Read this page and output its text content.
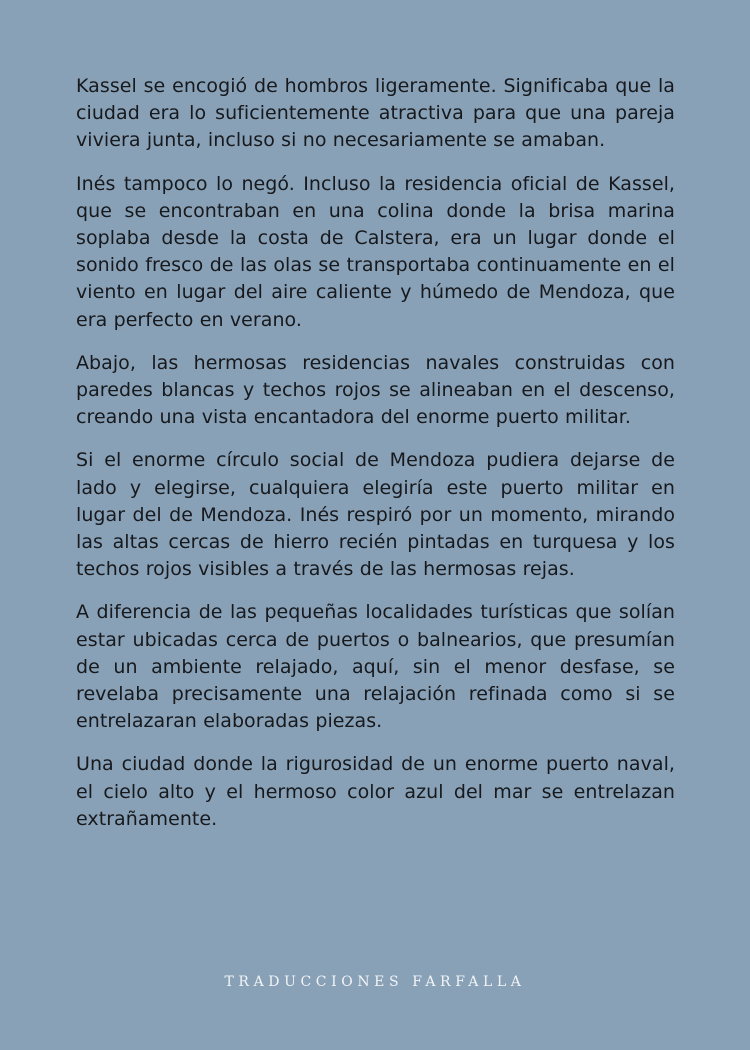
Kassel se encogió de hombros ligeramente. Significaba que la ciudad era lo suficientemente atractiva para que una pareja viviera junta, incluso si no necesariamente se amaban.

Inés tampoco lo negó. Incluso la residencia oficial de Kassel, que se encontraban en una colina donde la brisa marina soplaba desde la costa de Calstera, era un lugar donde el sonido fresco de las olas se transportaba continuamente en el viento en lugar del aire caliente y húmedo de Mendoza, que era perfecto en verano.

Abajo, las hermosas residencias navales construidas con paredes blancas y techos rojos se alineaban en el descenso, creando una vista encantadora del enorme puerto militar.

Si el enorme círculo social de Mendoza pudiera dejarse de lado y elegirse, cualquiera elegiría este puerto militar en lugar del de Mendoza. Inés respiró por un momento, mirando las altas cercas de hierro recién pintadas en turquesa y los techos rojos visibles a través de las hermosas rejas.

A diferencia de las pequeñas localidades turísticas que solían estar ubicadas cerca de puertos o balnearios, que presumían de un ambiente relajado, aquí, sin el menor desfase, se revelaba precisamente una relajación refinada como si se entrelazaran elaboradas piezas.

Una ciudad donde la rigurosidad de un enorme puerto naval, el cielo alto y el hermoso color azul del mar se entrelazan extrañamente.

TRADUCCIONES FARFALLA
